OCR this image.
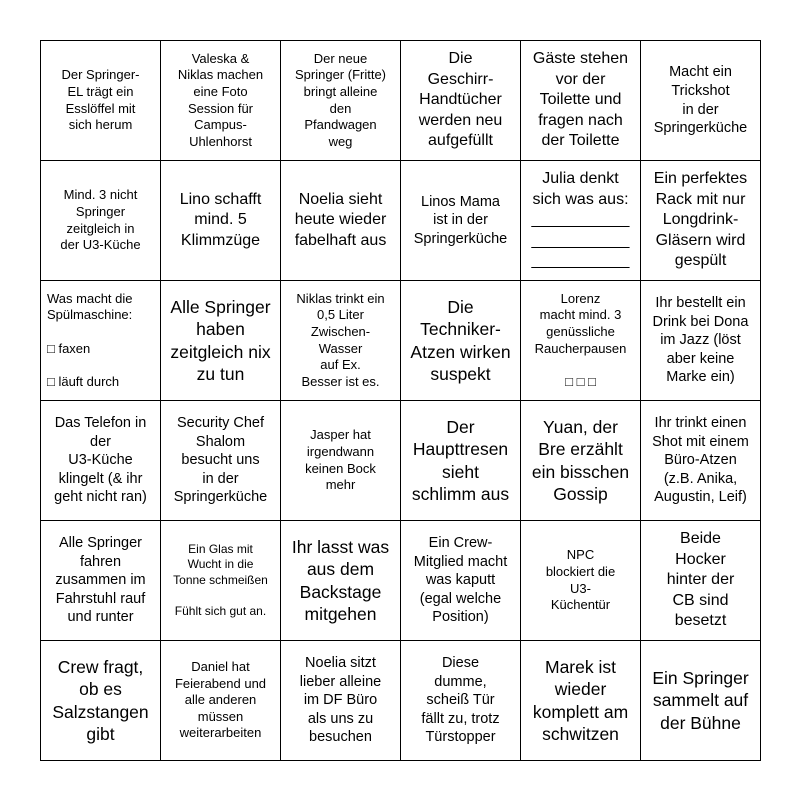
Der Springer-
EL trägt ein
Esslöffel mit
sich herum
Valeska &
Niklas machen
eine Foto
Session für
Campus-
Uhlenhorst
Der neue
Springer (Fritte)
bringt alleine
den
Pfandwagen
weg
Die
Geschirr-
Handtücher
werden neu
aufgefüllt
Gäste stehen
vor der
Toilette und
fragen nach
der Toilette
Macht ein
Trickshot
in der
Springerküche
Mind. 3 nicht
Springer
zeitgleich in
der U3-Küche
Lino schafft
mind. 5
Klimmzüge
Noelia sieht
heute wieder
fabelhaft aus
Linos Mama
ist in der
Springerküche
Julia denkt
sich was aus:
___________
___________
___________
Ein perfektes
Rack mit nur
Longdrink-
Gläsern wird
gespült
Was macht die
Spülmaschine:

□ faxen

□ läuft durch
Alle Springer
haben
zeitgleich nix
zu tun
Niklas trinkt ein
0,5 Liter
Zwischen-
Wasser
auf Ex.
Besser ist es.
Die
Techniker-
Atzen wirken
suspekt
Lorenz
macht mind. 3
genüssliche
Raucherpausen

□ □ □
Ihr bestellt ein
Drink bei Dona
im Jazz (löst
aber keine
Marke ein)
Das Telefon in
der
U3-Küche
klingelt (& ihr
geht nicht ran)
Security Chef
Shalom
besucht uns
in der
Springerküche
Jasper hat
irgendwann
keinen Bock
mehr
Der
Haupttresen
sieht
schlimm aus
Yuan, der
Bre erzählt
ein bisschen
Gossip
Ihr trinkt einen
Shot mit einem
Büro-Atzen
(z.B. Anika,
Augustin, Leif)
Alle Springer
fahren
zusammen im
Fahrstuhl rauf
und runter
Ein Glas mit
Wucht in die
Tonne schmeißen

Fühlt sich gut an.
Ihr lasst was
aus dem
Backstage
mitgehen
Ein Crew-
Mitglied macht
was kaputt
(egal welche
Position)
NPC
blockiert die
U3-
Küchentür
Beide
Hocker
hinter der
CB sind
besetzt
Crew fragt,
ob es
Salzstangen
gibt
Daniel hat
Feierabend und
alle anderen
müssen
weiterarbeiten
Noelia sitzt
lieber alleine
im DF Büro
als uns zu
besuchen
Diese
dumme,
scheiß Tür
fällt zu, trotz
Türstopper
Marek ist
wieder
komplett am
schwitzen
Ein Springer
sammelt auf
der Bühne
